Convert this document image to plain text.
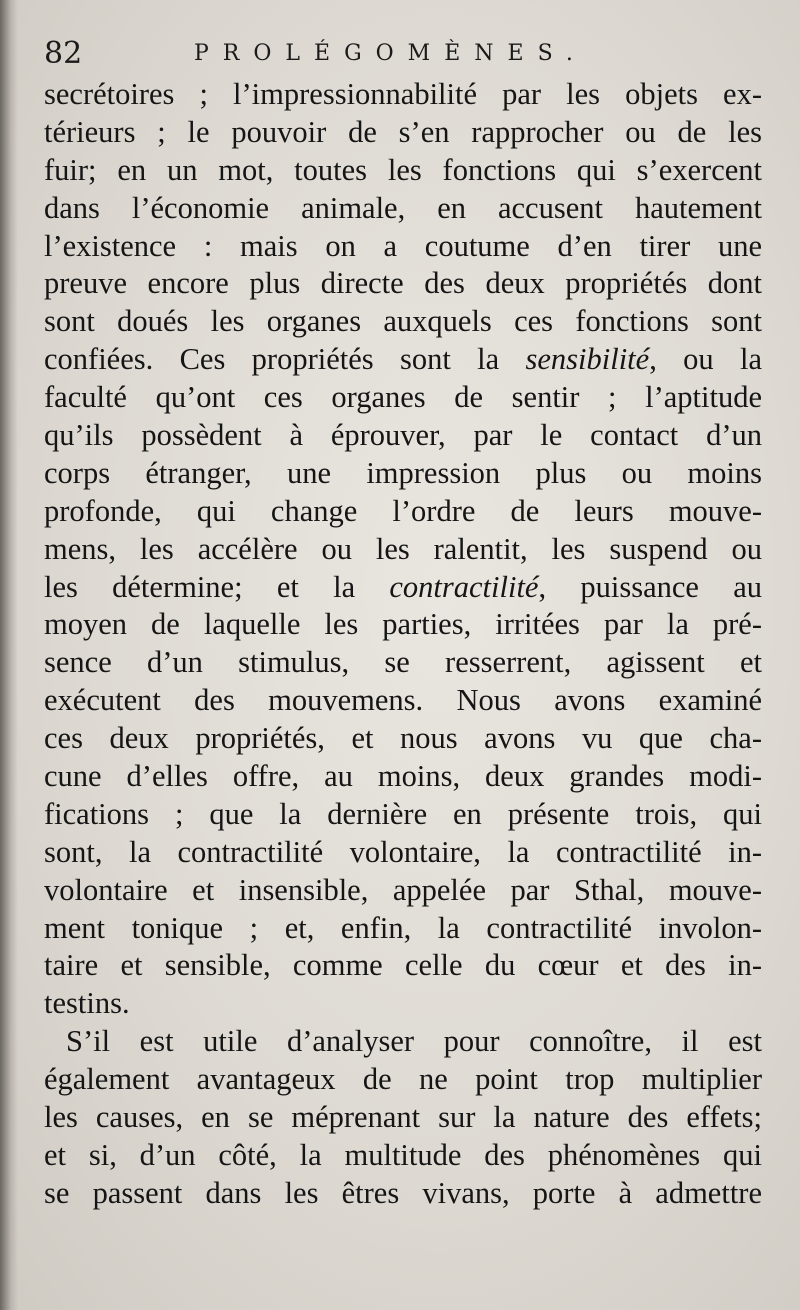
82	PROLÉGOMÈNES.
secrétoires ; l’impressionnabilité par les objets ex-
térieurs ; le pouvoir de s’en rapprocher ou de les
fuir; en un mot, toutes les fonctions qui s’exercent
dans l’économie animale, en accusent hautement
l’existence : mais on a coutume d’en tirer une
preuve encore plus directe des deux propriétés dont
sont doués les organes auxquels ces fonctions sont
confiées. Ces propriétés sont la sensibilité, ou la
faculté qu’ont ces organes de sentir ; l’aptitude
qu’ils possèdent à éprouver, par le contact d’un
corps étranger, une impression plus ou moins
profonde, qui change l’ordre de leurs mouve-
mens, les accélère ou les ralentit, les suspend ou
les détermine; et la contractilité, puissance au
moyen de laquelle les parties, irritées par la pré-
sence d’un stimulus, se resserrent, agissent et
exécutent des mouvemens. Nous avons examiné
ces deux propriétés, et nous avons vu que cha-
cune d’elles offre, au moins, deux grandes modi-
fications ; que la dernière en présente trois, qui
sont, la contractilité volontaire, la contractilité in-
volontaire et insensible, appelée par Sthal, mouve-
ment tonique ; et, enfin, la contractilité involon-
taire et sensible, comme celle du cœur et des in-
testins.
S’il est utile d’analyser pour connoître, il est
également avantageux de ne point trop multiplier
les causes, en se méprenant sur la nature des effets;
et si, d’un côté, la multitude des phénomènes qui
se passent dans les êtres vivans, porte à admettre
